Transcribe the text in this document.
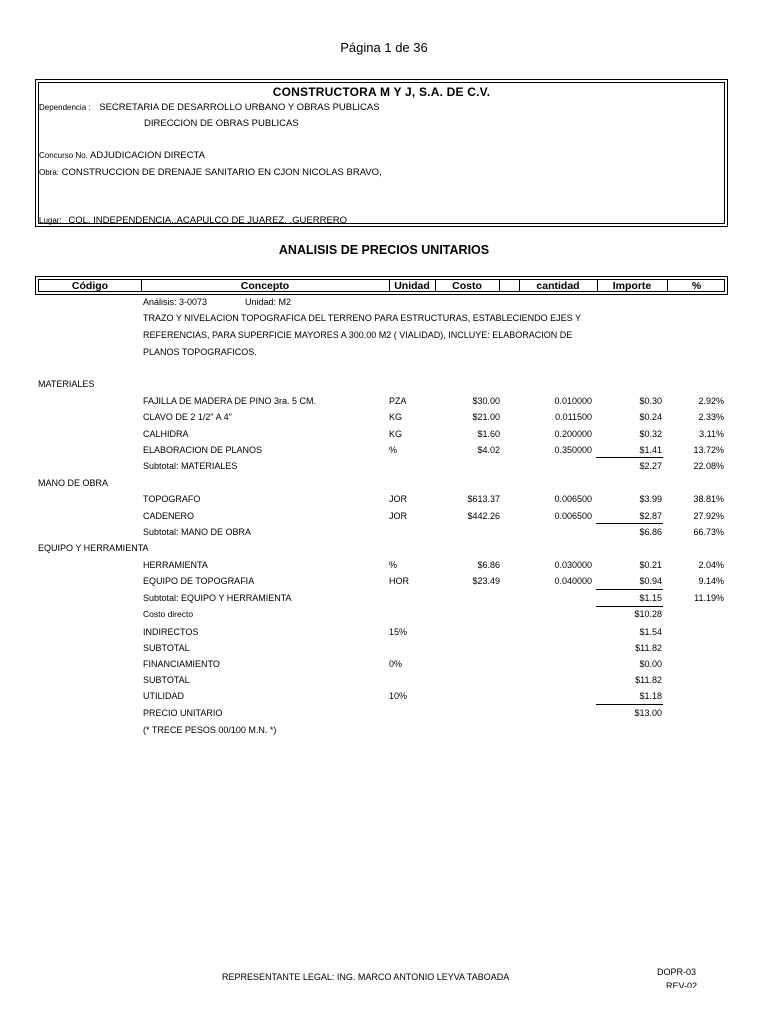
Página 1 de 36
CONSTRUCTORA M Y J, S.A. DE C.V.
Dependencia : SECRETARIA DE DESARROLLO URBANO Y OBRAS PUBLICAS
DIRECCION DE OBRAS PUBLICAS
Concurso No. ADJUDICACION DIRECTA
Obra: CONSTRUCCION DE DRENAJE SANITARIO EN CJON NICOLAS BRAVO,
Lugar: COL. INDEPENDENCIA,,ACAPULCO DE JUAREZ, ,GUERRERO
ANALISIS DE PRECIOS UNITARIOS
Código	Concepto	Unidad	Costo	cantidad	Importe	%
Análisis: 3-0073	Unidad: M2
TRAZO Y NIVELACION TOPOGRAFICA DEL TERRENO PARA ESTRUCTURAS, ESTABLECIENDO EJES Y
REFERENCIAS, PARA SUPERFICIE MAYORES A 300.00 M2 ( VIALIDAD), INCLUYE: ELABORACION DE
PLANOS TOPOGRAFICOS.
MATERIALES
FAJILLA DE MADERA DE PINO 3ra. 5 CM.	PZA	$30.00	0.010000	$0.30	2.92%
CLAVO DE 2 1/2" A 4"	KG	$21.00	0.011500	$0.24	2.33%
CALHIDRA	KG	$1.60	0.200000	$0.32	3.11%
ELABORACION DE PLANOS	%	$4.02	0.350000	$1.41	13.72%
Subtotal: MATERIALES	$2.27	22.08%
MANO DE OBRA
TOPOGRAFO	JOR	$613.37	0.006500	$3.99	38.81%
CADENERO	JOR	$442.26	0.006500	$2.87	27.92%
Subtotal: MANO DE OBRA	$6.86	66.73%
EQUIPO Y HERRAMIENTA
HERRAMIENTA	%	$6.86	0.030000	$0.21	2.04%
EQUIPO DE TOPOGRAFIA	HOR	$23.49	0.040000	$0.94	9.14%
Subtotal: EQUIPO Y HERRAMIENTA	$1.15	11.19%
Costo directo	$10.28
INDIRECTOS	15%	$1.54
SUBTOTAL	$11.82
FINANCIAMIENTO	0%	$0.00
SUBTOTAL	$11.82
UTILIDAD	10%	$1.18
PRECIO UNITARIO	$13.00
(* TRECE PESOS 00/100 M.N. *)
REPRESENTANTE LEGAL: ING. MARCO ANTONIO LEYVA TABOADA	DOPR-03
REV-02
